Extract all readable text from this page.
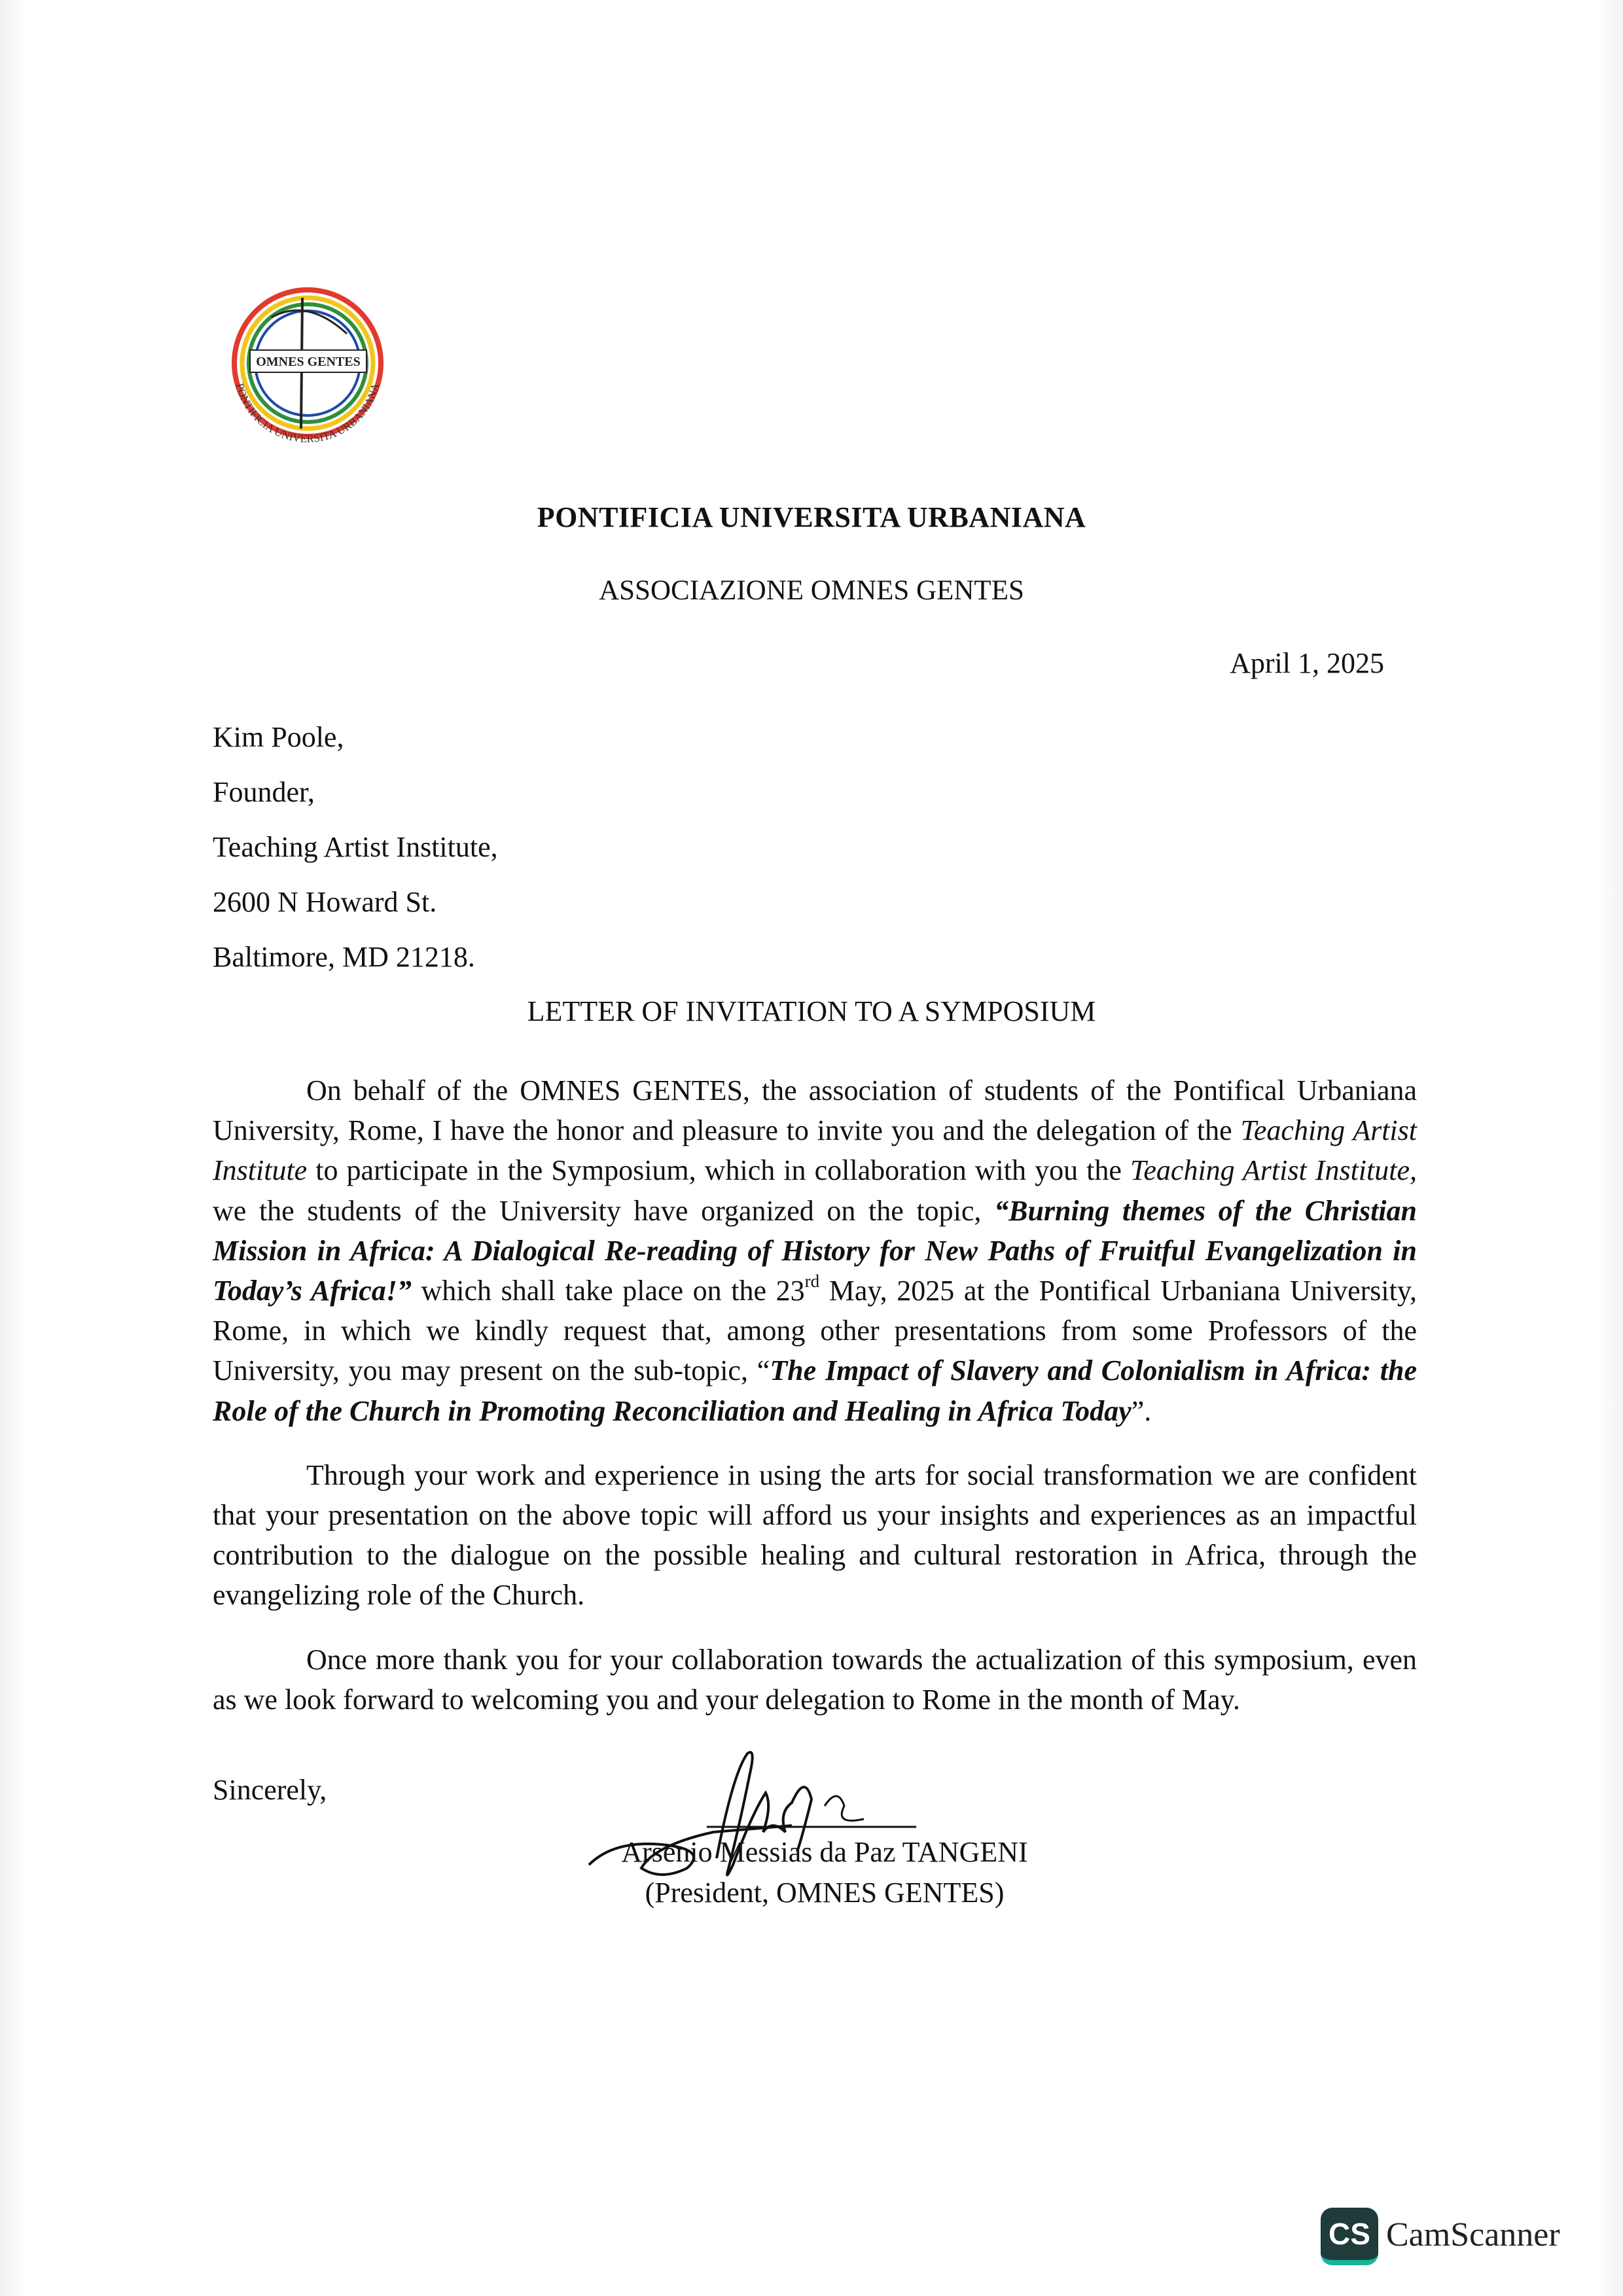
OMNES GENTES
PONTIFICIA UNIVERSITA URBANIANA
PONTIFICIA UNIVERSITA URBANIANA
ASSOCIAZIONE OMNES GENTES
April 1, 2025
Kim Poole,
Founder,
Teaching Artist Institute,
2600 N Howard St.
Baltimore, MD 21218.
LETTER OF INVITATION TO A SYMPOSIUM

On behalf of the OMNES GENTES, the association of students of the Pontifical Urbaniana University, Rome, I have the honor and pleasure to invite you and the delegation of the Teaching Artist Institute to participate in the Symposium, which in collaboration with you the Teaching Artist Institute, we the students of the University have organized on the topic, “Burning themes of the Christian Mission in Africa: A Dialogical Re-reading of History for New Paths of Fruitful Evangelization in Today’s Africa!” which shall take place on the 23rd May, 2025 at the Pontifical Urbaniana University, Rome, in which we kindly request that, among other presentations from some Professors of the University, you may present on the sub-topic, “The Impact of Slavery and Colonialism in Africa: the Role of the Church in Promoting Reconciliation and Healing in Africa Today”.

Through your work and experience in using the arts for social transformation we are confident that your presentation on the above topic will afford us your insights and experiences as an impactful contribution to the dialogue on the possible healing and cultural restoration in Africa, through the evangelizing role of the Church.

Once more thank you for your collaboration towards the actualization of this symposium, even as we look forward to welcoming you and your delegation to Rome in the month of May.

Sincerely,
Arsenio Messias da Paz TANGENI
(President, OMNES GENTES)
CS CamScanner
